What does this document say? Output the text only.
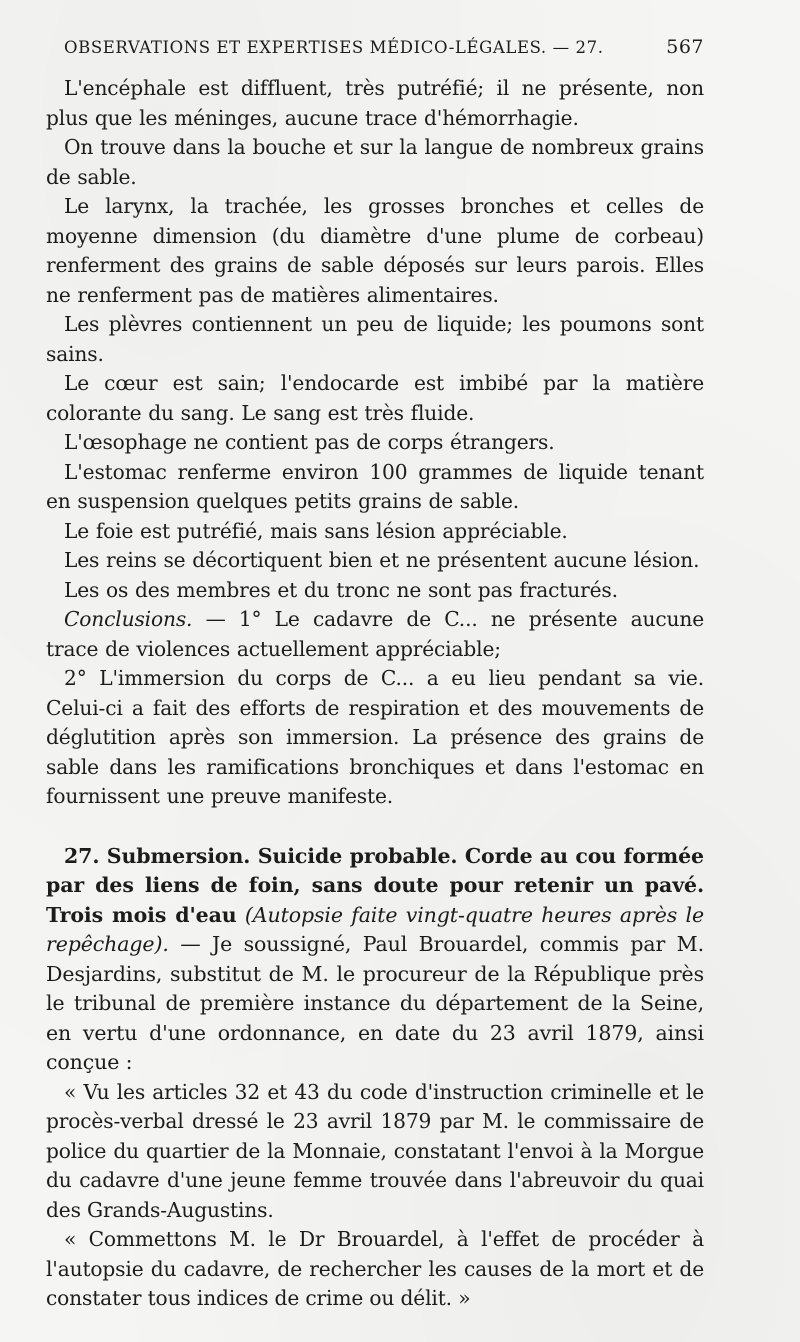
OBSERVATIONS ET EXPERTISES MÉDICO-LÉGALES. — 27.	567

L'encéphale est diffluent, très putréfié; il ne présente, non plus que les méninges, aucune trace d'hémorrhagie.

On trouve dans la bouche et sur la langue de nombreux grains de sable.

Le larynx, la trachée, les grosses bronches et celles de moyenne dimension (du diamètre d'une plume de corbeau) renferment des grains de sable déposés sur leurs parois. Elles ne renferment pas de matières alimentaires.

Les plèvres contiennent un peu de liquide; les poumons sont sains.

Le cœur est sain; l'endocarde est imbibé par la matière colorante du sang. Le sang est très fluide.

L'œsophage ne contient pas de corps étrangers.

L'estomac renferme environ 100 grammes de liquide tenant en suspension quelques petits grains de sable.

Le foie est putréfié, mais sans lésion appréciable.

Les reins se décortiquent bien et ne présentent aucune lésion.

Les os des membres et du tronc ne sont pas fracturés.

Conclusions. — 1° Le cadavre de C... ne présente aucune trace de violences actuellement appréciable;

2° L'immersion du corps de C... a eu lieu pendant sa vie. Celui-ci a fait des efforts de respiration et des mouvements de déglutition après son immersion. La présence des grains de sable dans les ramifications bronchiques et dans l'estomac en fournissent une preuve manifeste.

27. Submersion. Suicide probable. Corde au cou formée par des liens de foin, sans doute pour retenir un pavé. Trois mois d'eau (Autopsie faite vingt-quatre heures après le repêchage). — Je soussigné, Paul Brouardel, commis par M. Desjardins, substitut de M. le procureur de la République près le tribunal de première instance du département de la Seine, en vertu d'une ordonnance, en date du 23 avril 1879, ainsi conçue :

« Vu les articles 32 et 43 du code d'instruction criminelle et le procès-verbal dressé le 23 avril 1879 par M. le commissaire de police du quartier de la Monnaie, constatant l'envoi à la Morgue du cadavre d'une jeune femme trouvée dans l'abreuvoir du quai des Grands-Augustins.

« Commettons M. le Dr Brouardel, à l'effet de procéder à l'autopsie du cadavre, de rechercher les causes de la mort et de constater tous indices de crime ou délit. »
